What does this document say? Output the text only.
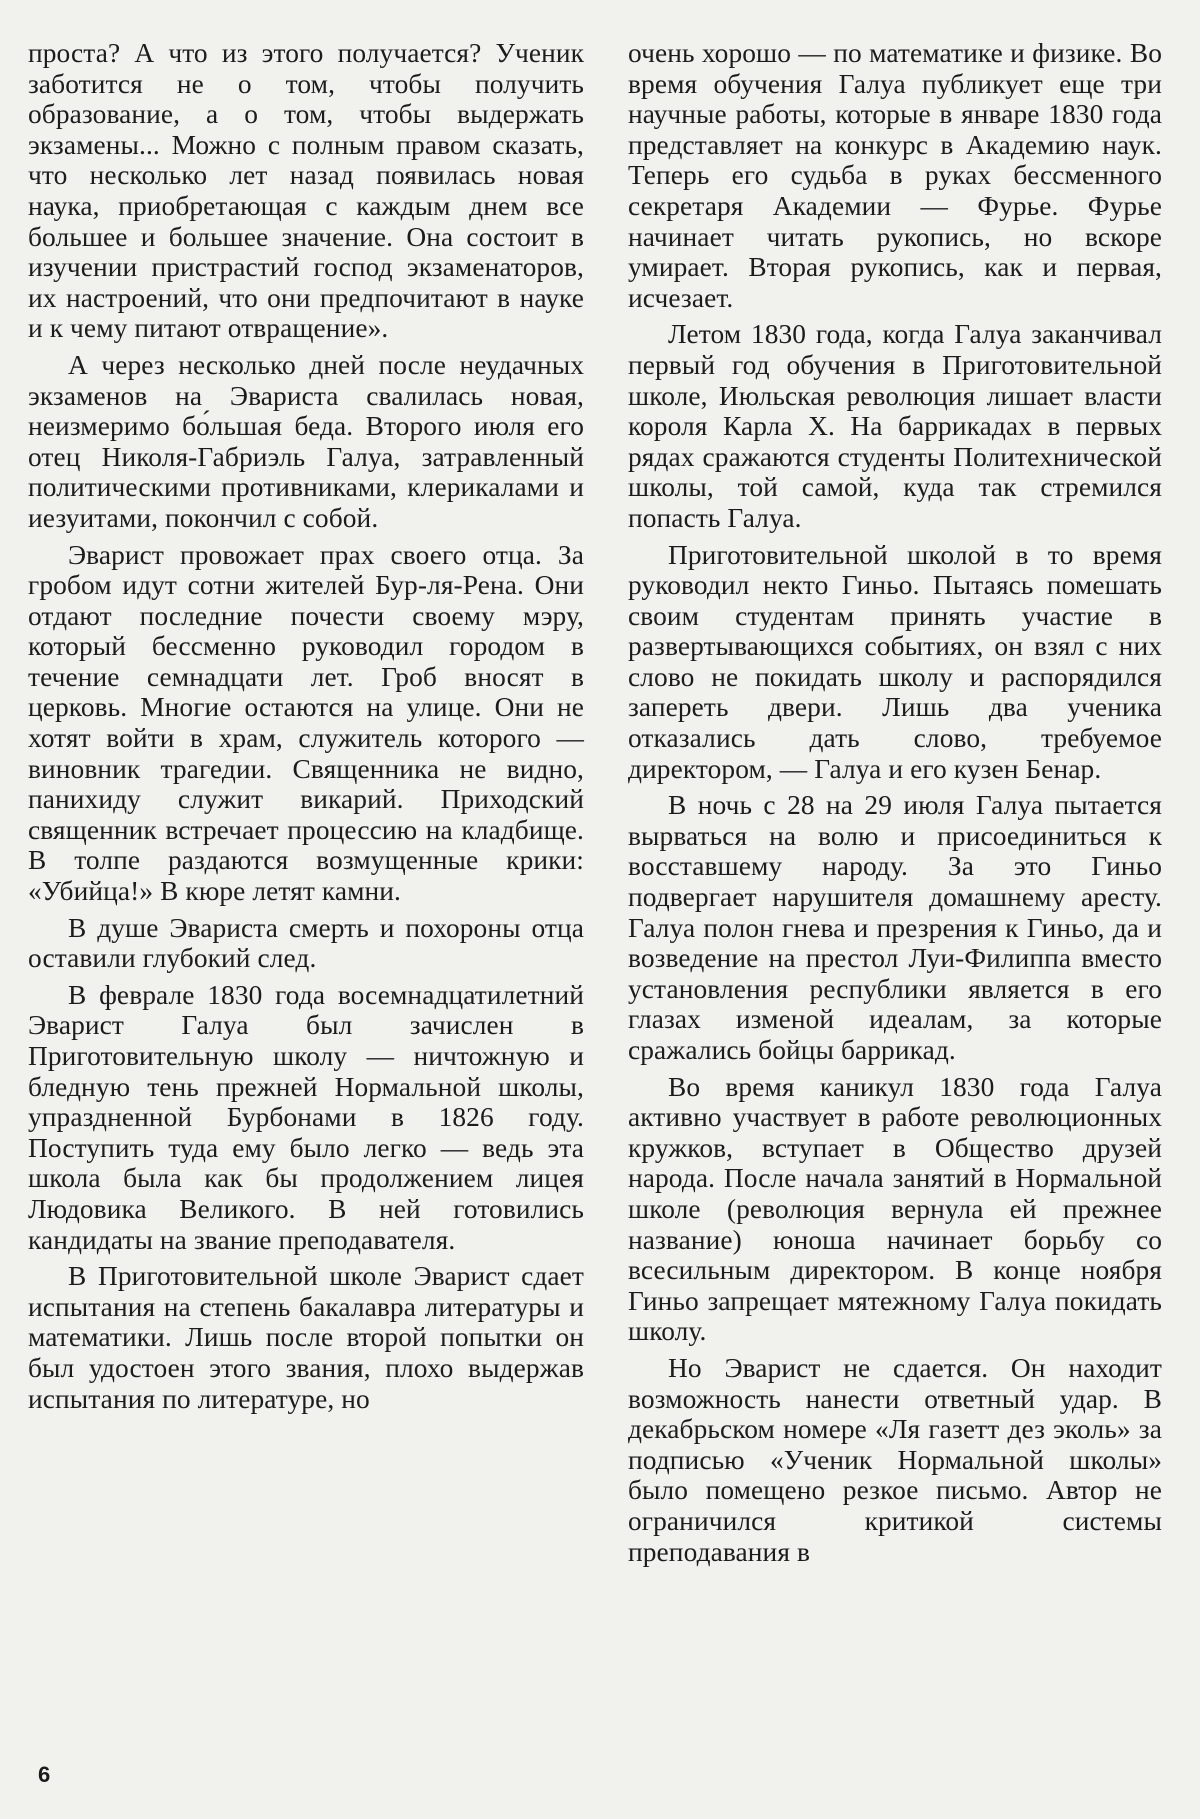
проста? А что из этого получается? Ученик заботится не о том, чтобы получить образование, а о том, чтобы выдержать экзамены... Можно с полным правом сказать, что несколько лет назад появилась новая наука, приобретающая с каждым днем все большее и большее значение. Она состоит в изучении пристрастий господ экзаменаторов, их настроений, что они предпочитают в науке и к чему питают отвращение».

А через несколько дней после неудачных экзаменов на Эвариста свалилась новая, неизмеримо бо́льшая беда. Второго июля его отец Николя-Габриэль Галуа, затравленный политическими противниками, клерикалами и иезуитами, покончил с собой.

Эварист провожает прах своего отца. За гробом идут сотни жителей Бур-ля-Рена. Они отдают последние почести своему мэру, который бессменно руководил городом в течение семнадцати лет. Гроб вносят в церковь. Многие остаются на улице. Они не хотят войти в храм, служитель которого — виновник трагедии. Священника не видно, панихиду служит викарий. Приходский священник встречает процессию на кладбище. В толпе раздаются возмущенные крики: «Убийца!» В кюре летят камни.

В душе Эвариста смерть и похороны отца оставили глубокий след.

В феврале 1830 года восемнадцатилетний Эварист Галуа был зачислен в Приготовительную школу — ничтожную и бледную тень прежней Нормальной школы, упраздненной Бурбонами в 1826 году. Поступить туда ему было легко — ведь эта школа была как бы продолжением лицея Людовика Великого. В ней готовились кандидаты на звание преподавателя.

В Приготовительной школе Эварист сдает испытания на степень бакалавра литературы и математики. Лишь после второй попытки он был удостоен этого звания, плохо выдержав испытания по литературе, но

очень хорошо — по математике и физике. Во время обучения Галуа публикует еще три научные работы, которые в январе 1830 года представляет на конкурс в Академию наук. Теперь его судьба в руках бессменного секретаря Академии — Фурье. Фурье начинает читать рукопись, но вскоре умирает. Вторая рукопись, как и первая, исчезает.

Летом 1830 года, когда Галуа заканчивал первый год обучения в Приготовительной школе, Июльская революция лишает власти короля Карла X. На баррикадах в первых рядах сражаются студенты Политехнической школы, той самой, куда так стремился попасть Галуа.

Приготовительной школой в то время руководил некто Гиньо. Пытаясь помешать своим студентам принять участие в развертывающихся событиях, он взял с них слово не покидать школу и распорядился запереть двери. Лишь два ученика отказались дать слово, требуемое директором, — Галуа и его кузен Бенар.

В ночь с 28 на 29 июля Галуа пытается вырваться на волю и присоединиться к восставшему народу. За это Гиньо подвергает нарушителя домашнему аресту. Галуа полон гнева и презрения к Гиньо, да и возведение на престол Луи-Филиппа вместо установления республики является в его глазах изменой идеалам, за которые сражались бойцы баррикад.

Во время каникул 1830 года Галуа активно участвует в работе революционных кружков, вступает в Общество друзей народа. После начала занятий в Нормальной школе (революция вернула ей прежнее название) юноша начинает борьбу со всесильным директором. В конце ноября Гиньо запрещает мятежному Галуа покидать школу.

Но Эварист не сдается. Он находит возможность нанести ответный удар. В декабрьском номере «Ля газетт дез эколь» за подписью «Ученик Нормальной школы» было помещено резкое письмо. Автор не ограничился критикой системы преподавания в

6
